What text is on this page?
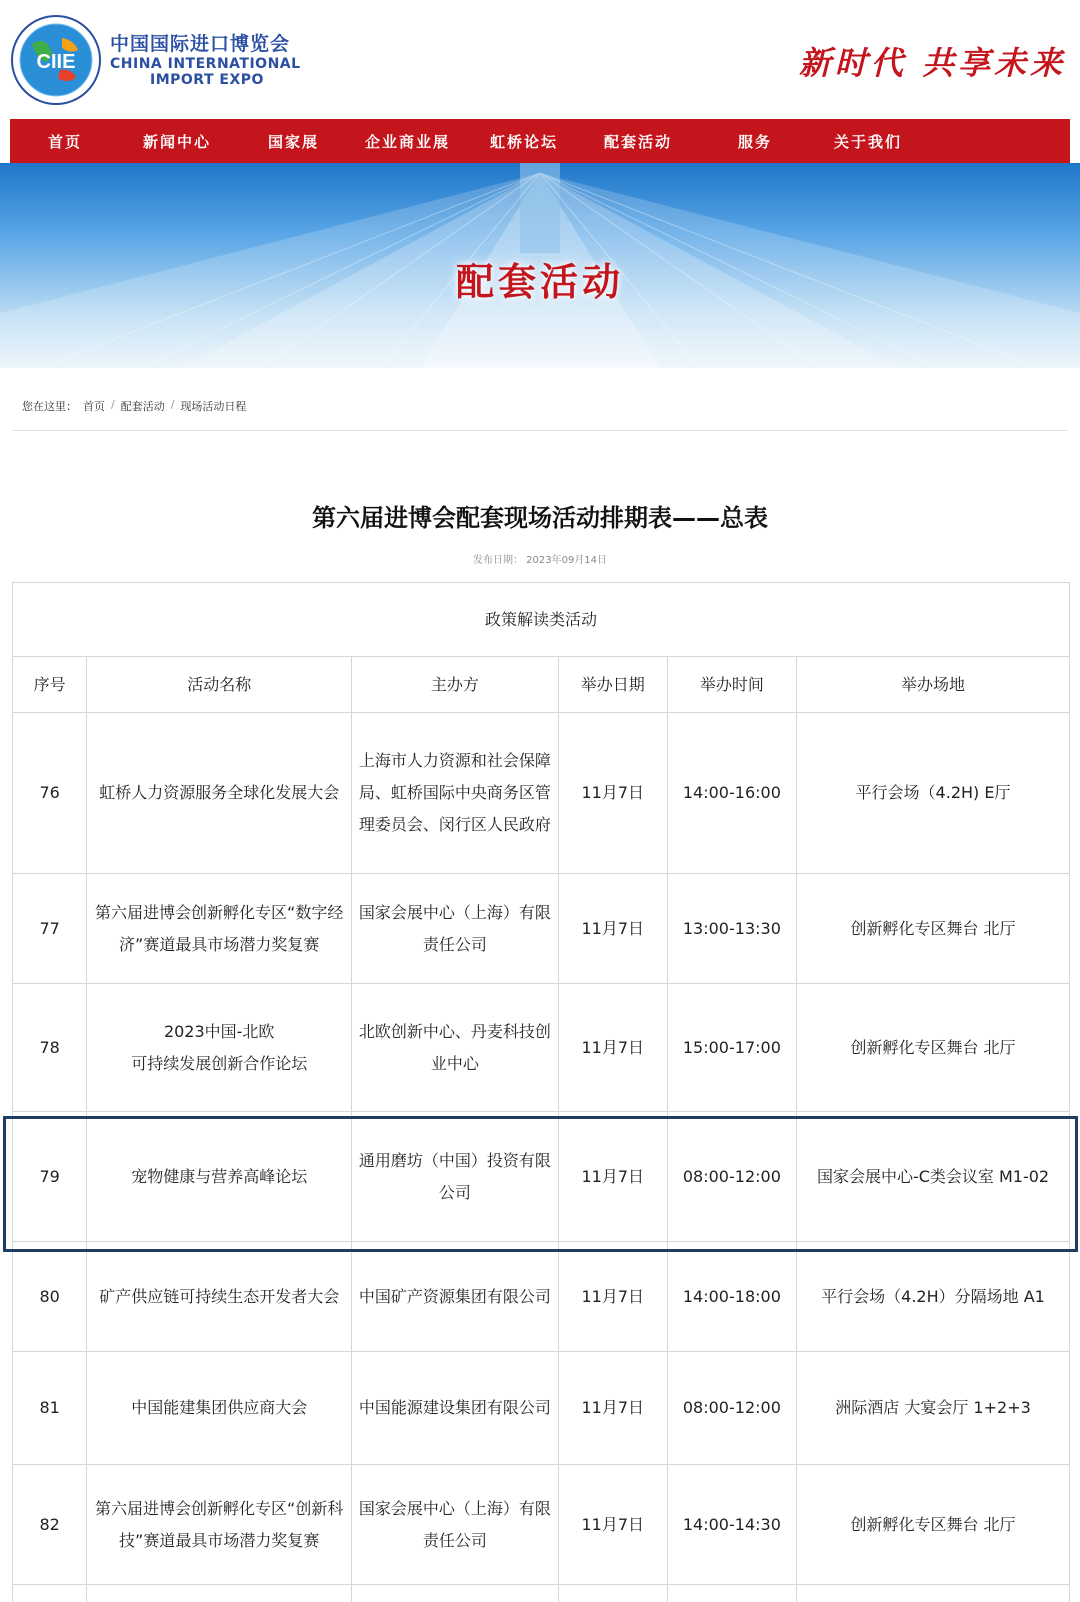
CIIE
中国国际进口博览会
CHINA INTERNATIONAL
IMPORT EXPO	新时代 共享未来
首页	新闻中心	国家展	企业商业展	虹桥论坛	配套活动	服务	关于我们
配套活动
您在这里： 首页 / 配套活动 / 现场活动日程
第六届进博会配套现场活动排期表——总表
发布日期： 2023年09月14日
政策解读类活动					
序号	活动名称	主办方	举办日期	举办时间	举办场地
76	虹桥人力资源服务全球化发展大会	上海市人力资源和社会保障局、虹桥国际中央商务区管理委员会、闵行区人民政府	11月7日	14:00-16:00	平行会场（4.2H) E厅
77	第六届进博会创新孵化专区“数字经济”赛道最具市场潜力奖复赛	国家会展中心（上海）有限责任公司	11月7日	13:00-13:30	创新孵化专区舞台 北厅
78	2023中国-北欧
可持续发展创新合作论坛	北欧创新中心、丹麦科技创业中心	11月7日	15:00-17:00	创新孵化专区舞台 北厅
79	宠物健康与营养高峰论坛	通用磨坊（中国）投资有限公司	11月7日	08:00-12:00	国家会展中心-C类会议室 M1-02
80	矿产供应链可持续生态开发者大会	中国矿产资源集团有限公司	11月7日	14:00-18:00	平行会场（4.2H）分隔场地 A1
81	中国能建集团供应商大会	中国能源建设集团有限公司	11月7日	08:00-12:00	洲际酒店 大宴会厅 1+2+3
82	第六届进博会创新孵化专区“创新科技”赛道最具市场潜力奖复赛	国家会展中心（上海）有限责任公司	11月7日	14:00-14:30	创新孵化专区舞台 北厅
